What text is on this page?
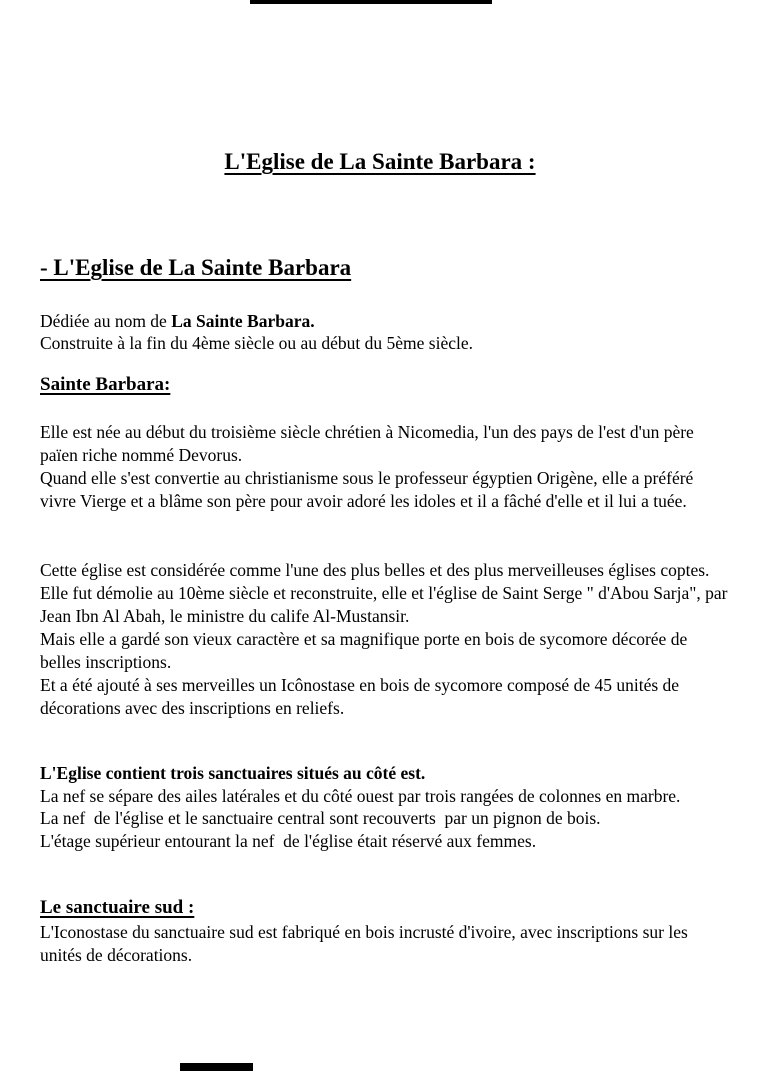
L'Eglise de La Sainte Barbara :
- L'Eglise de La Sainte Barbara
Dédiée au nom de La Sainte Barbara.
Construite à la fin du 4ème siècle ou au début du 5ème siècle.
Sainte Barbara:
Elle est née au début du troisième siècle chrétien à Nicomedia, l'un des pays de l'est d'un père païen riche nommé Devorus.
Quand elle s'est convertie au christianisme sous le professeur égyptien Origène, elle a préféré vivre Vierge et a blâme son père pour avoir adoré les idoles et il a fâché d'elle et il lui a tuée.
Cette église est considérée comme l'une des plus belles et des plus merveilleuses églises coptes.
Elle fut démolie au 10ème siècle et reconstruite, elle et l'église de Saint Serge " d'Abou Sarja", par Jean Ibn Al Abah, le ministre du calife Al-Mustansir.
Mais elle a gardé son vieux caractère et sa magnifique porte en bois de sycomore décorée de belles inscriptions.
Et a été ajouté à ses merveilles un Icônostase en bois de sycomore composé de 45 unités de décorations avec des inscriptions en reliefs.
L'Eglise contient trois sanctuaires situés au côté est.
La nef se sépare des ailes latérales et du côté ouest par trois rangées de colonnes en marbre.
La nef  de l'église et le sanctuaire central sont recouverts  par un pignon de bois.
L'étage supérieur entourant la nef  de l'église était réservé aux femmes.
Le sanctuaire sud :
L'Iconostase du sanctuaire sud est fabriqué en bois incrusté d'ivoire, avec inscriptions sur les unités de décorations.
